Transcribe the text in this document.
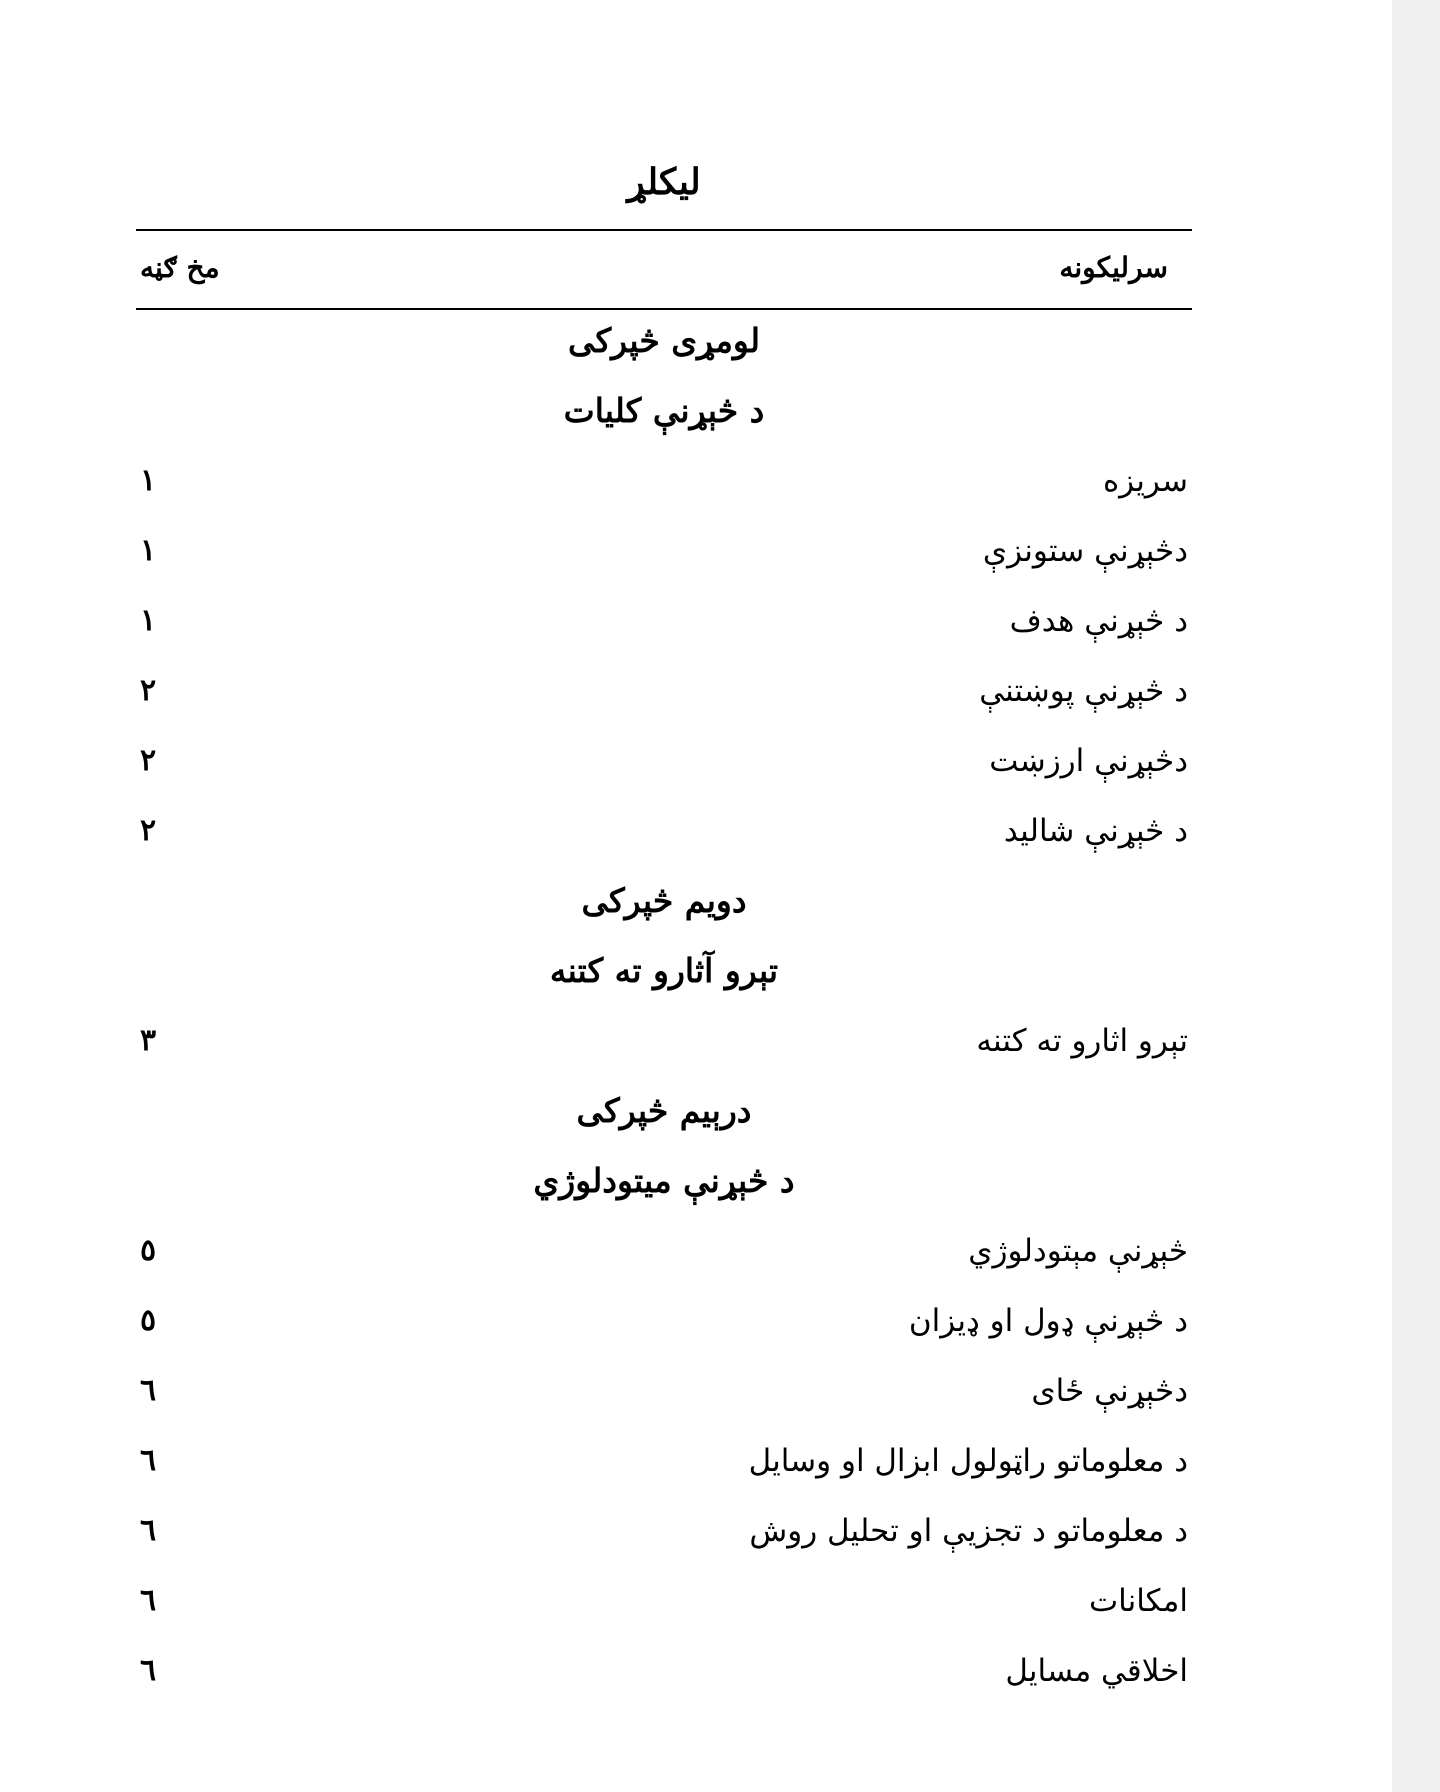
لیکلړ
سرلیکونه
مخ ګڼه
لومړی څپرکی
د څېړنې کلیات
سریزه
١
دڅېړنې ستونزې
١
د څېړنې هدف
١
د څېړنې پوښتنې
٢
دڅېړنې ارزښت
٢
د څېړنې شالید
٢
دویم څپرکی
تېرو آثارو ته کتنه
تېرو اثارو ته کتنه
٣
درېیم څپرکی
د څېړنې میتودلوژي
څېړنې مېتودلوژي
٥
د څېړنې ډول او ډیزان
٥
دڅېړنې ځای
٦
د معلوماتو راټولول ابزال او وسایل
٦
د معلوماتو د تجزیې او تحلیل روش
٦
امکانات
٦
اخلاقي مسایل
٦
